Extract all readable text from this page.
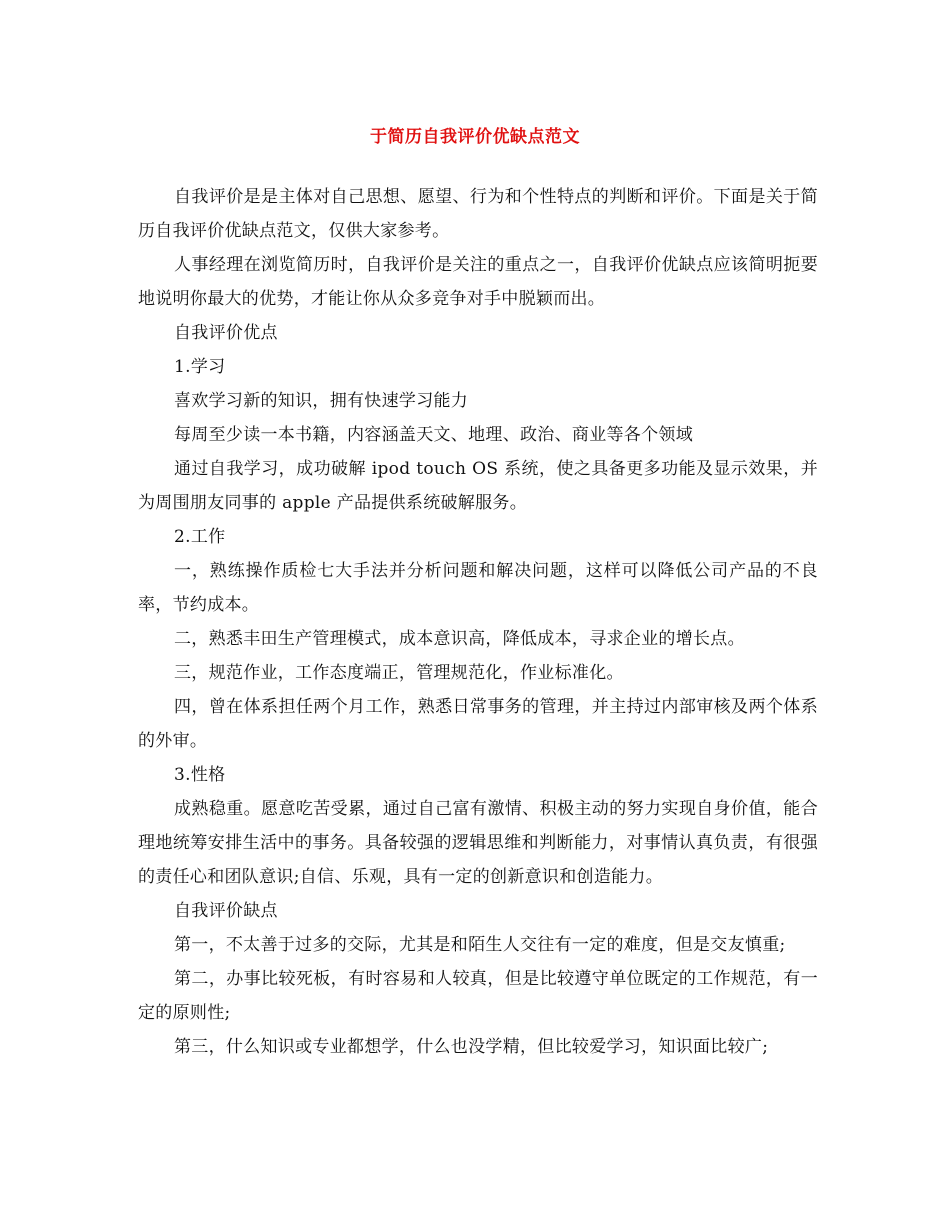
于简历自我评价优缺点范文

自我评价是是主体对自己思想、愿望、行为和个性特点的判断和评价。下面是关于简历自我评价优缺点范文，仅供大家参考。

人事经理在浏览简历时，自我评价是关注的重点之一，自我评价优缺点应该简明扼要地说明你最大的优势，才能让你从众多竞争对手中脱颖而出。

自我评价优点

1.学习

喜欢学习新的知识，拥有快速学习能力

每周至少读一本书籍，内容涵盖天文、地理、政治、商业等各个领域

通过自我学习，成功破解 ipod touch OS 系统，使之具备更多功能及显示效果，并为周围朋友同事的 apple 产品提供系统破解服务。

2.工作

一，熟练操作质检七大手法并分析问题和解决问题，这样可以降低公司产品的不良率，节约成本。

二，熟悉丰田生产管理模式，成本意识高，降低成本，寻求企业的增长点。

三，规范作业，工作态度端正，管理规范化，作业标准化。

四，曾在体系担任两个月工作，熟悉日常事务的管理，并主持过内部审核及两个体系的外审。

3.性格

成熟稳重。愿意吃苦受累，通过自己富有激情、积极主动的努力实现自身价值，能合理地统筹安排生活中的事务。具备较强的逻辑思维和判断能力，对事情认真负责，有很强的责任心和团队意识;自信、乐观，具有一定的创新意识和创造能力。

自我评价缺点

第一，不太善于过多的交际，尤其是和陌生人交往有一定的难度，但是交友慎重;

第二，办事比较死板，有时容易和人较真，但是比较遵守单位既定的工作规范，有一定的原则性;

第三，什么知识或专业都想学，什么也没学精，但比较爱学习，知识面比较广;
